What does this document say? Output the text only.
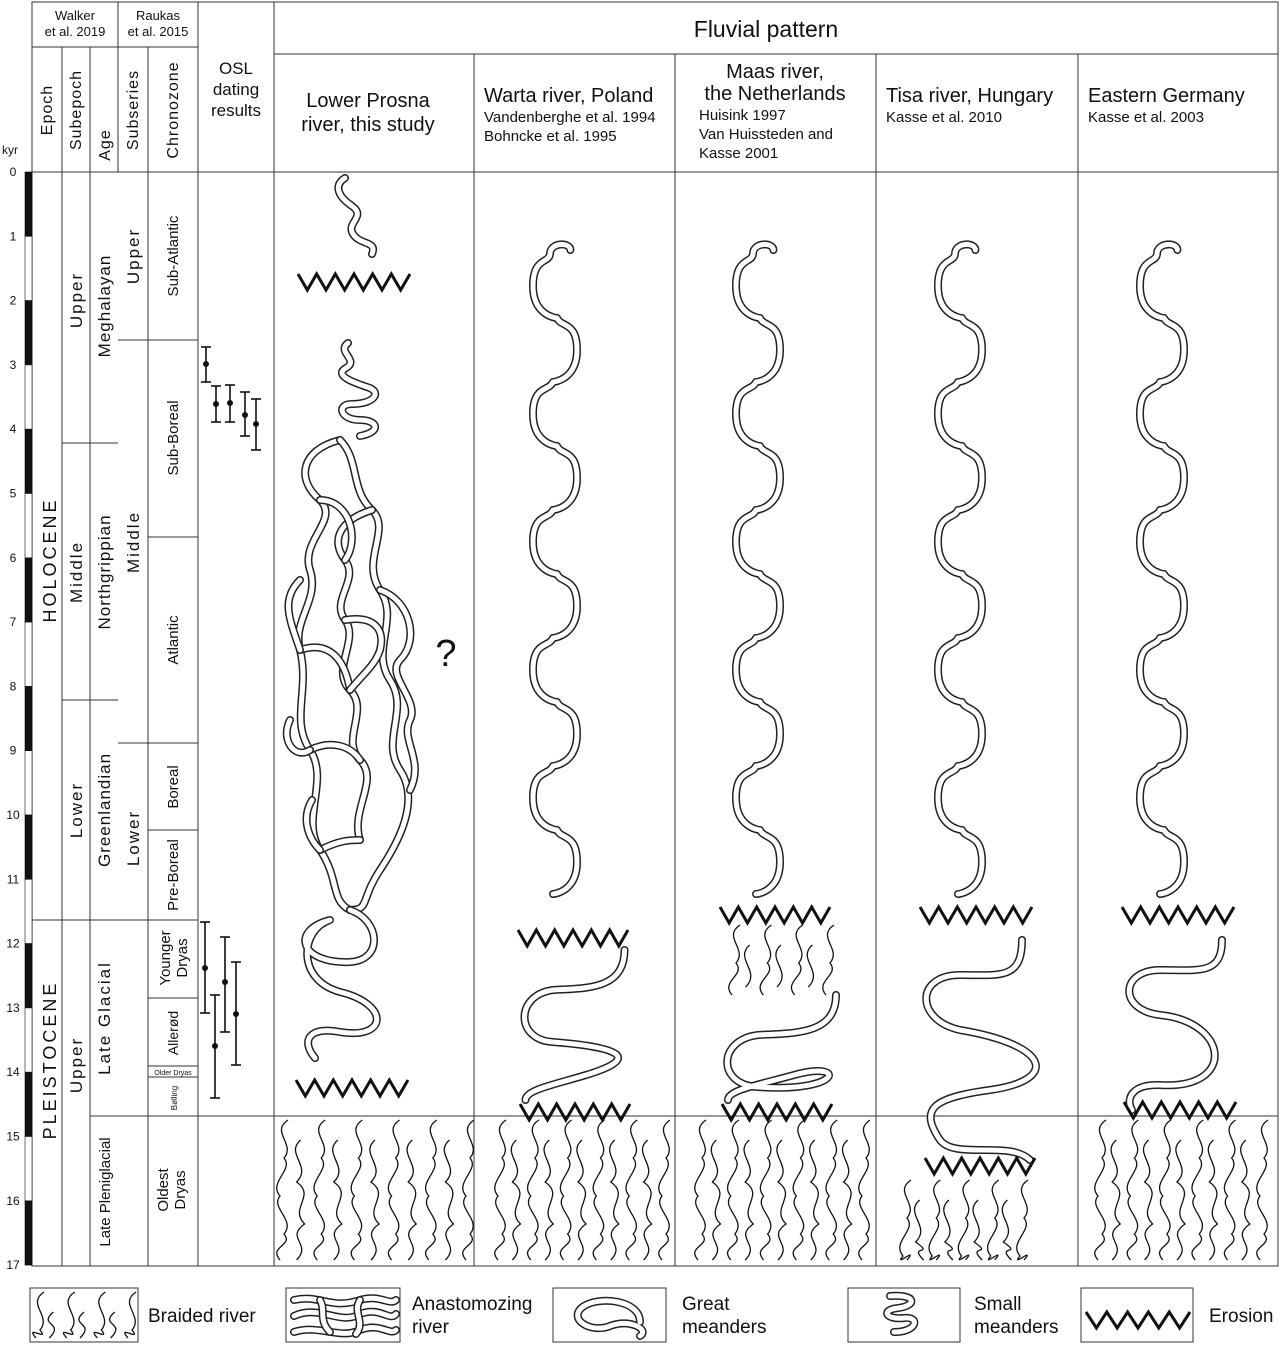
0
1
2
3
4
5
6
7
8
9
10
11
12
13
14
15
16
17
kyr
Walker
et al. 2019
Raukas
et al. 2015
OSL
dating
results
Fluvial pattern
Epoch Subepoch Age Subseries Chronozone	Lower Prosna
river, this study
Warta river, Poland
Vandenberghe et al. 1994
Bohncke et al. 1995
Maas river,
the Netherlands
Huisink 1997
Van Huissteden and
Kasse 2001
Tisa river, Hungary
Kasse et al. 2010
Eastern Germany
Kasse et al. 2003
HOLOCENE
PLEISTOCENE
Upper
Middle
Lower
Upper
Meghalayan
Northgrippian
Greenlandian
Late Glacial
Late Pleniglacial
Upper
Middle
Lower
Sub-Atlantic
Sub-Boreal
Atlantic
Boreal
Pre-Boreal
Younger Dryas
Allerød
Older Dryas
Bølling
Oldest Dryas
?
Braided river
Anastomozing
river
Great
meanders
Small
meanders
Erosion
